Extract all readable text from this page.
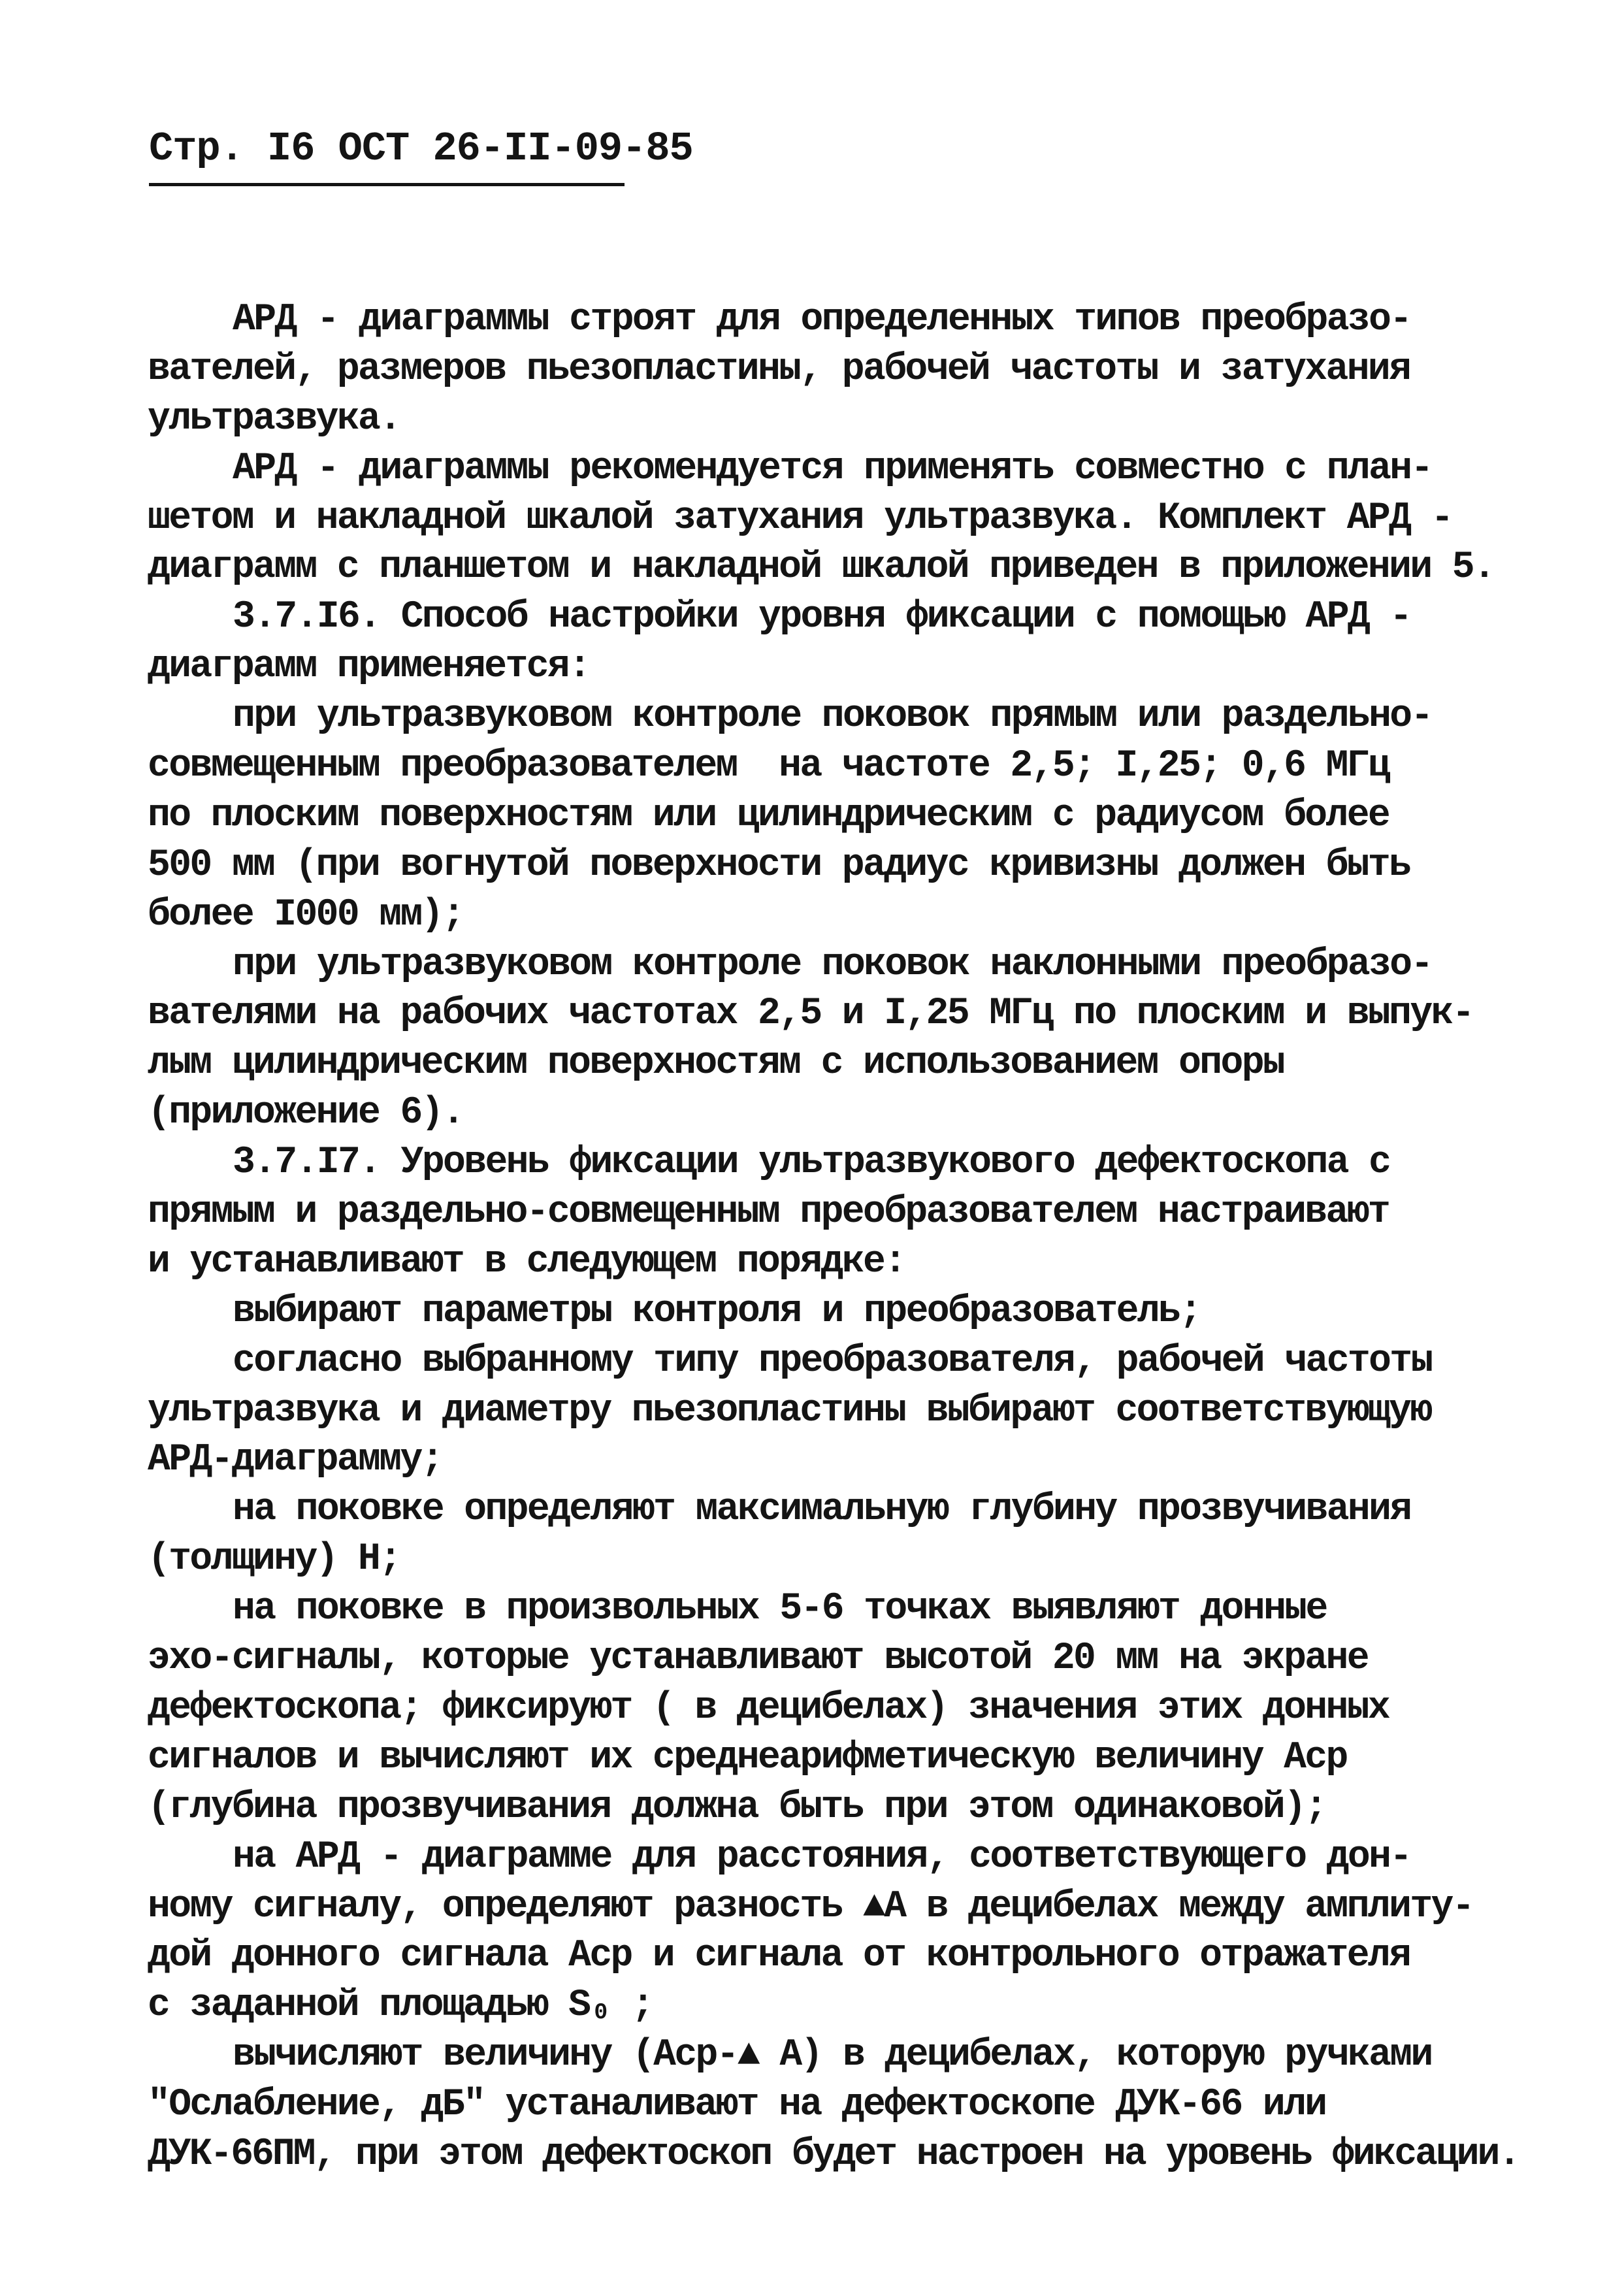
Стр. I6 ОСТ 26-II-09-85
АРД - диаграммы строят для определенных типов преобразо-
вателей, размеров пьезопластины, рабочей частоты и затухания
ультразвука.
АРД - диаграммы рекомендуется применять совместно с план-
шетом и накладной шкалой затухания ультразвука. Комплект АРД -
диаграмм с планшетом и накладной шкалой приведен в приложении 5.
3.7.I6. Способ настройки уровня фиксации с помощью АРД -
диаграмм применяется:
при ультразвуковом контроле поковок прямым или раздельно-
совмещенным преобразователем  на частоте 2,5; I,25; 0,6 МГц
по плоским поверхностям или цилиндрическим с радиусом более
500 мм (при вогнутой поверхности радиус кривизны должен быть
более I000 мм);
при ультразвуковом контроле поковок наклонными преобразо-
вателями на рабочих частотах 2,5 и I,25 МГц по плоским и выпук-
лым цилиндрическим поверхностям с использованием опоры
(приложение 6).
3.7.I7. Уровень фиксации ультразвукового дефектоскопа с
прямым и раздельно-совмещенным преобразователем настраивают
и устанавливают в следующем порядке:
выбирают параметры контроля и преобразователь;
согласно выбранному типу преобразователя, рабочей частоты
ультразвука и диаметру пьезопластины выбирают соответствующую
АРД-диаграмму;
на поковке определяют максимальную глубину прозвучивания
(толщину) Н;
на поковке в произвольных 5-6 точках выявляют донные
эхо-сигналы, которые устанавливают высотой 20 мм на экране
дефектоскопа; фиксируют ( в децибелах) значения этих донных
сигналов и вычисляют их среднеарифметическую величину Аср
(глубина прозвучивания должна быть при этом одинаковой);
на АРД - диаграмме для расстояния, соответствующего дон-
ному сигналу, определяют разность ▲А в децибелах между амплиту-
дой донного сигнала Аср и сигнала от контрольного отражателя
с заданной площадью S₀ ;
вычисляют величину (Аср-▲ А) в децибелах, которую ручками
"Ослабление, дБ" устаналивают на дефектоскопе ДУК-66 или
ДУК-66ПМ, при этом дефектоскоп будет настроен на уровень фиксации.
